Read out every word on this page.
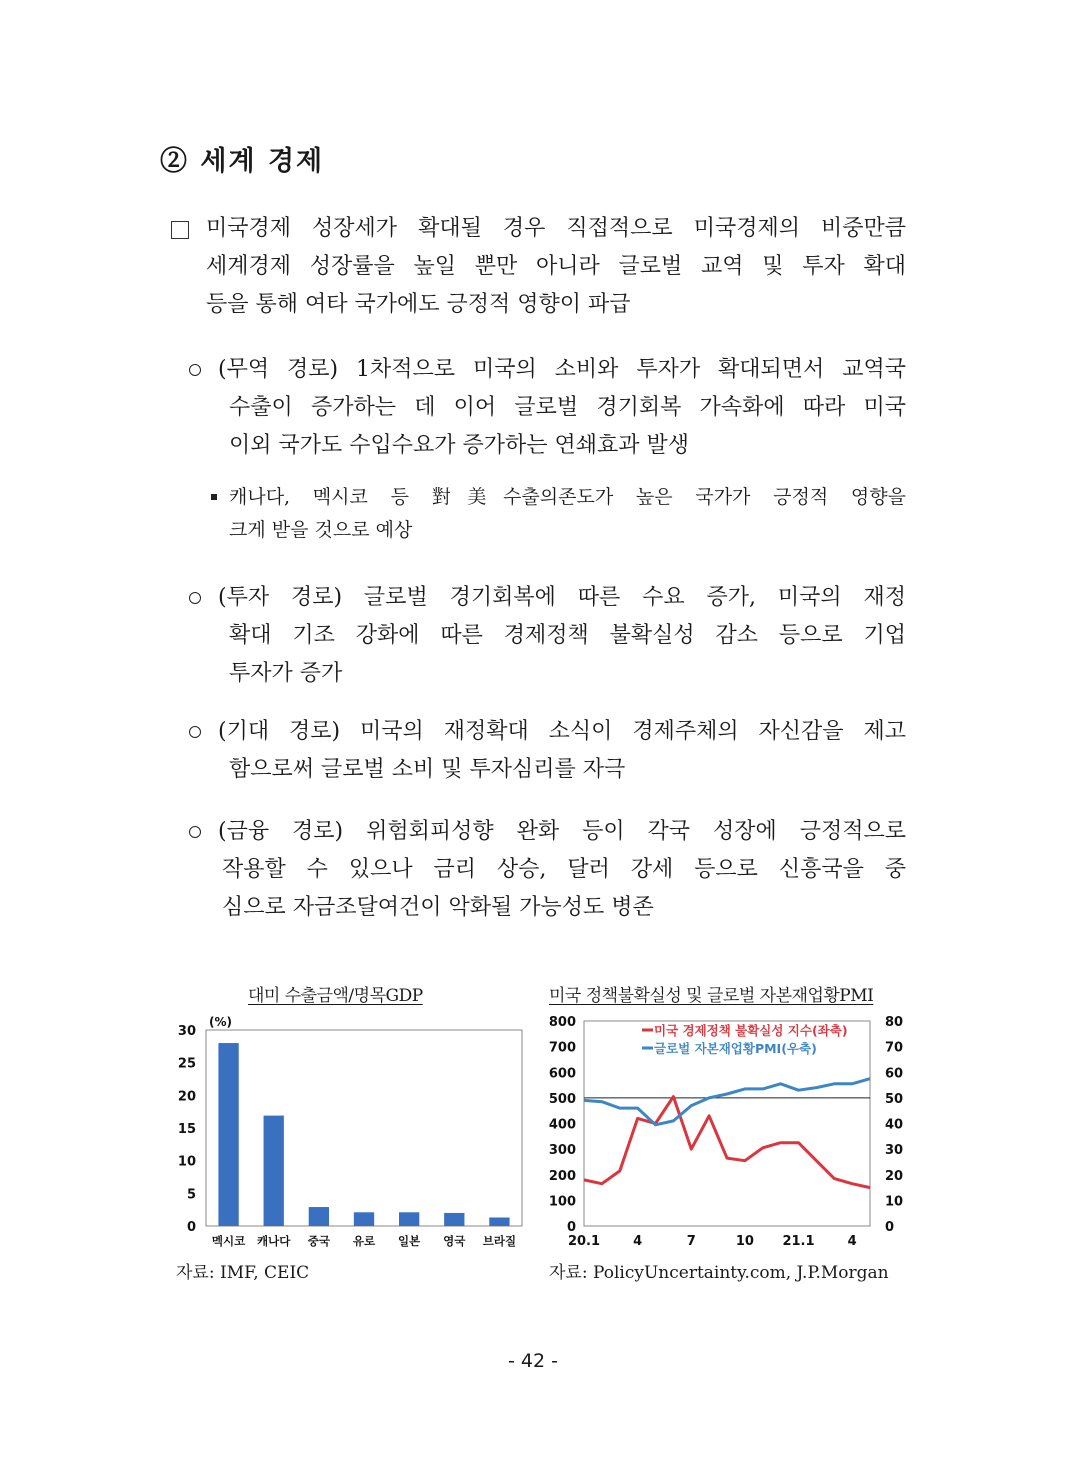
② 세계 경제
미국경제 성장세가 확대될 경우 직접적으로 미국경제의 비중만큼
세계경제 성장률을 높일 뿐만 아니라 글로벌 교역 및 투자 확대
등을 통해 여타 국가에도 긍정적 영향이 파급
(무역 경로) 1차적으로 미국의 소비와 투자가 확대되면서 교역국
수출이 증가하는 데 이어 글로벌 경기회복 가속화에 따라 미국
이외 국가도 수입수요가 증가하는 연쇄효과 발생
캐나다, 멕시코 등 對美수출의존도가 높은 국가가 긍정적 영향을
크게 받을 것으로 예상
(투자 경로) 글로벌 경기회복에 따른 수요 증가, 미국의 재정
확대 기조 강화에 따른 경제정책 불확실성 감소 등으로 기업
투자가 증가
(기대 경로) 미국의 재정확대 소식이 경제주체의 자신감을 제고
함으로써 글로벌 소비 및 투자심리를 자극
(금융 경로) 위험회피성향 완화 등이 각국 성장에 긍정적으로
작용할 수 있으나 금리 상승, 달러 강세 등으로 신흥국을 중
심으로 자금조달여건이 악화될 가능성도 병존
대미 수출금액/명목GDP
(%)
0
5
10
15
20
25
30
멕시코 캐나다 중국 유로 일본 영국 브라질
자료: IMF, CEIC
미국 정책불확실성 및 글로벌 자본재업황PMI
0
100
200
300
400
500
600
700
800
0
10
20
30
40
50
60
70
80
20.1	4	7	10 21.1	4
미국 경제정책 불확실성 지수(좌축)
글로벌 자본재업황PMI(우축)
자료: PolicyUncertainty.com, J.P.Morgan
- 42 -
